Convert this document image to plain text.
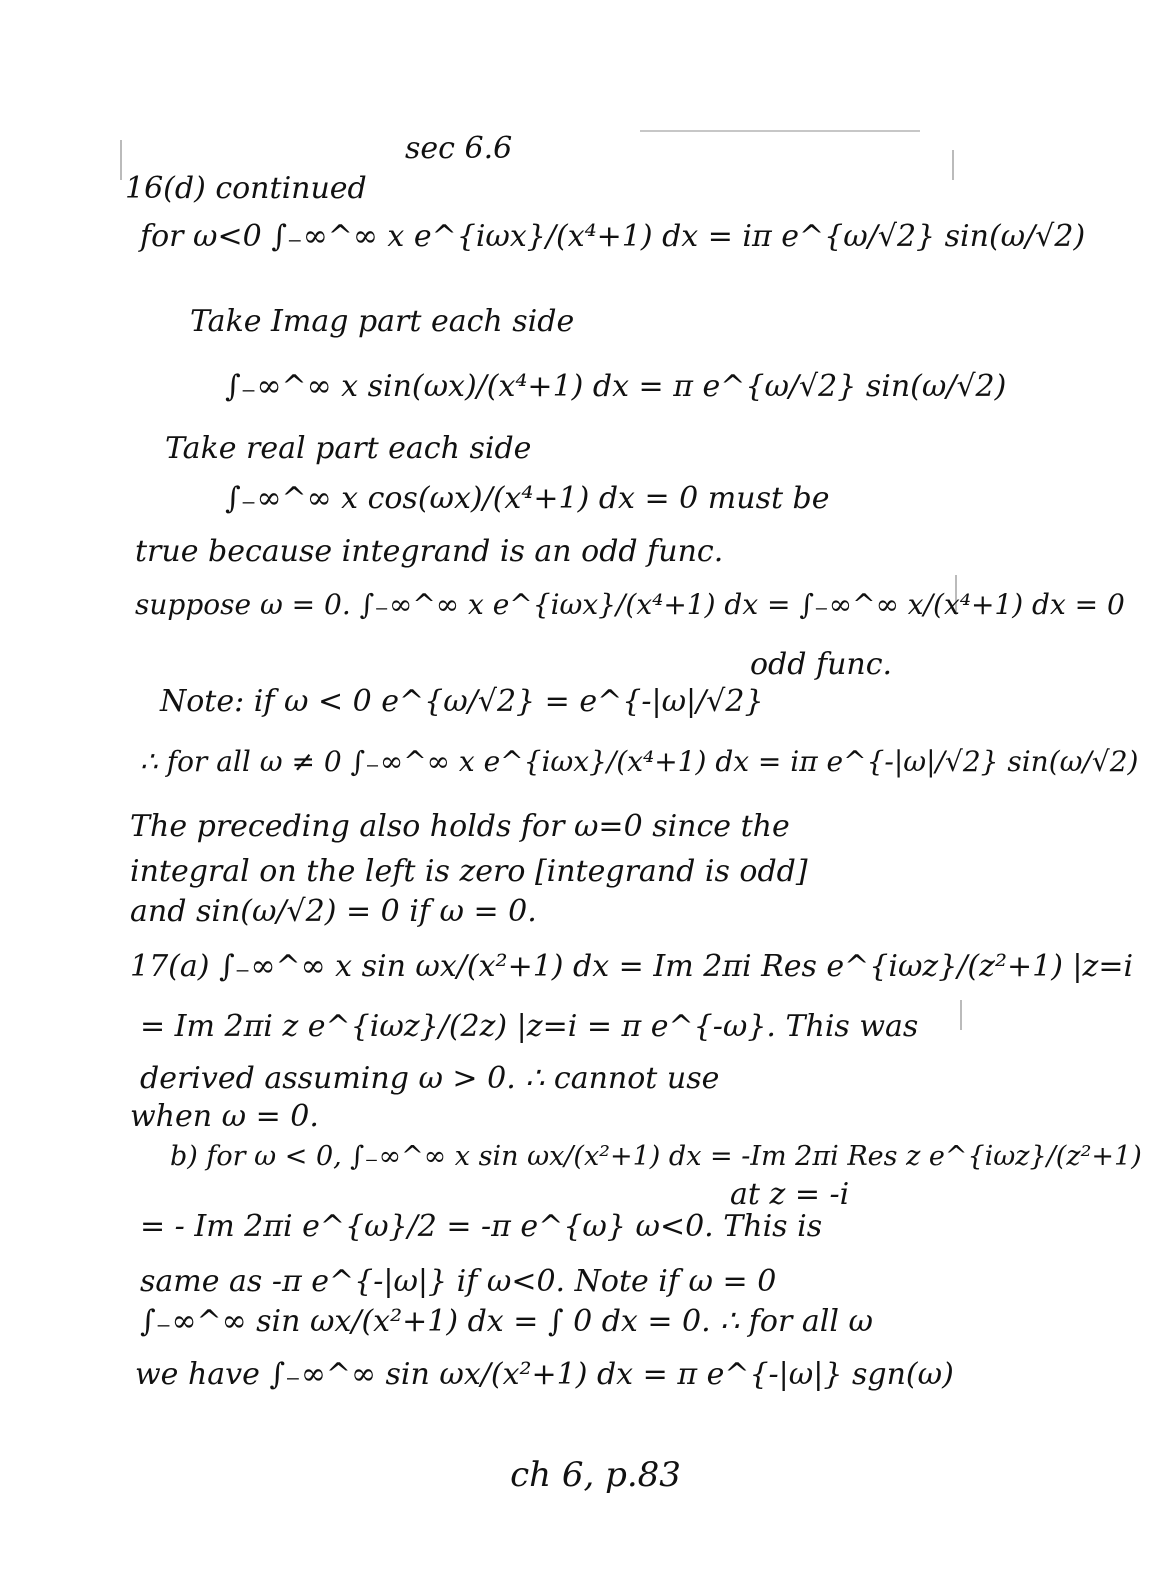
sec 6.6
16(d) continued
for ω<0 ∫₋∞^∞ x e^{iωx}/(x⁴+1) dx = iπ e^{ω/√2} sin(ω/√2)
Take Imag part each side
∫₋∞^∞ x sin(ωx)/(x⁴+1) dx = π e^{ω/√2} sin(ω/√2)
Take real part each side
∫₋∞^∞ x cos(ωx)/(x⁴+1) dx = 0 must be
true because integrand is an odd func.
suppose ω = 0. ∫₋∞^∞ x e^{iωx}/(x⁴+1) dx = ∫₋∞^∞ x/(x⁴+1) dx = 0
odd func.
Note: if ω < 0 e^{ω/√2} = e^{-|ω|/√2}
∴ for all ω ≠ 0 ∫₋∞^∞ x e^{iωx}/(x⁴+1) dx = iπ e^{-|ω|/√2} sin(ω/√2)
The preceding also holds for ω=0 since the
integral on the left is zero [integrand is odd]
and sin(ω/√2) = 0 if ω = 0.
17(a) ∫₋∞^∞ x sin ωx/(x²+1) dx = Im 2πi Res e^{iωz}/(z²+1) |z=i
= Im 2πi z e^{iωz}/(2z) |z=i = π e^{-ω}. This was
derived assuming ω > 0. ∴ cannot use
when ω = 0.
b) for ω < 0, ∫₋∞^∞ x sin ωx/(x²+1) dx = -Im 2πi Res z e^{iωz}/(z²+1)
at z = -i
= - Im 2πi e^{ω}/2 = -π e^{ω} ω<0. This is
same as -π e^{-|ω|} if ω<0. Note if ω = 0
∫₋∞^∞ sin ωx/(x²+1) dx = ∫ 0 dx = 0. ∴ for all ω
we have ∫₋∞^∞ sin ωx/(x²+1) dx = π e^{-|ω|} sgn(ω)
ch 6, p.83
